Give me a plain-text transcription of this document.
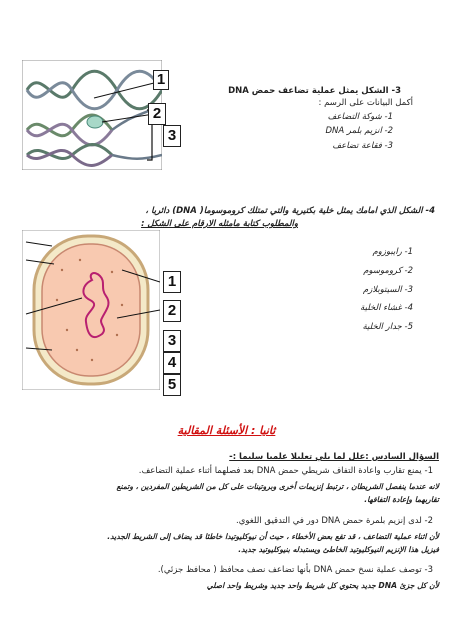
1
2
3
3- الشكل يمثل عملية تضاعف حمض DNA
أكمل البيانات على الرسم :
1- شوكة التضاعف
2- انزيم بلمر DNA
3- فقاعة تضاعف
4- الشكل الذي امامك يمثل خلية بكتيرية والتي تمتلك كروموسوما( DNA) دائريا ،
والمطلوب كتابة مامثله الارقام على الشكل :
1
2
3
4
5
1- رايبوزوم
2- كروموسوم
3- السيتوبلازم
4- غشاء الخلية
5- جدار الخلية
ثانيا : الأسئلة المقالية
السؤال السادس :علل لما يلي تعليلا علميا سليما :-
1- يمنع تقارب واعادة التفاف شريطي حمض DNA بعد فصلهما أثناء عملية التضاعف.
لانه عندما ينفصل الشريطان ، ترتبط إنزيمات أخرى وبروتينات على كل من الشريطين المفردين ، وتمنع
تقاربهما وإعادة التفافها.
2- لدى إنزيم بلمرة حمض DNA دور في التدقيق اللغوي.
لأن اثناء عملية التضاعف ، قد تقع بعض الأخطاء ، حيث أن نيوكليوتيدا خاطئا قد يضاف إلى الشريط الجديد.
فيزيل هذا الإنزيم النيوكليوتيد الخاطئ ويستبدله بنيوكليوتيد جديد.
3- توصف عملية نسخ حمض DNA بأنها تضاعف نصف محافظ ( محافظ جزئي).
لأن كل جزئ DNA جديد يحتوي كل شريط واحد جديد وشريط واحد اصلي
